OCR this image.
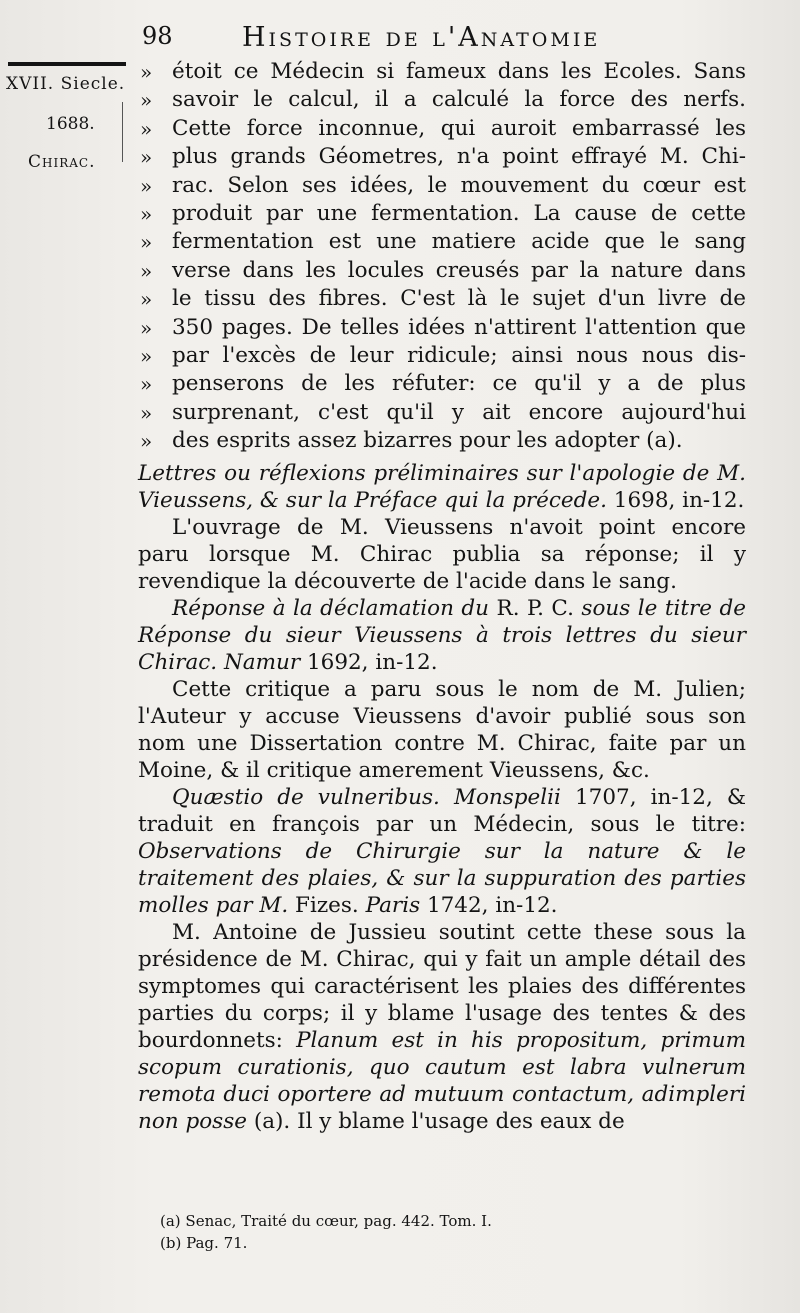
98	Histoire de l'Anatomie
XVII. Siecle.
1688.
Chirac.

» étoit ce Médecin si fameux dans les Ecoles. Sans

» savoir le calcul, il a calculé la force des nerfs.

» Cette force inconnue, qui auroit embarrassé les

» plus grands Géometres, n'a point effrayé M. Chi-

» rac. Selon ses idées, le mouvement du cœur est

» produit par une fermentation. La cause de cette

» fermentation est une matiere acide que le sang

» verse dans les locules creusés par la nature dans

» le tissu des fibres. C'est là le sujet d'un livre de

» 350 pages. De telles idées n'attirent l'attention que

» par l'excès de leur ridicule; ainsi nous nous dis-

» penserons de les réfuter: ce qu'il y a de plus

» surprenant, c'est qu'il y ait encore aujourd'hui

» des esprits assez bizarres pour les adopter (a).

Lettres ou réflexions préliminaires sur l'apologie de M. Vieussens, & sur la Préface qui la précede. 1698, in-12.

L'ouvrage de M. Vieussens n'avoit point encore paru lorsque M. Chirac publia sa réponse; il y revendique la découverte de l'acide dans le sang.

Réponse à la déclamation du R. P. C. sous le titre de Réponse du sieur Vieussens à trois lettres du sieur Chirac. Namur 1692, in-12.

Cette critique a paru sous le nom de M. Julien; l'Auteur y accuse Vieussens d'avoir publié sous son nom une Dissertation contre M. Chirac, faite par un Moine, & il critique amerement Vieussens, &c.

Quæstio de vulneribus. Monspelii 1707, in-12, & traduit en françois par un Médecin, sous le titre: Observations de Chirurgie sur la nature & le traitement des plaies, & sur la suppuration des parties molles par M. Fizes. Paris 1742, in-12.

M. Antoine de Jussieu soutint cette these sous la présidence de M. Chirac, qui y fait un ample détail des symptomes qui caractérisent les plaies des différentes parties du corps; il y blame l'usage des tentes & des bourdonnets: Planum est in his propositum, primum scopum curationis, quo cautum est labra vulnerum remota duci oportere ad mutuum contactum, adimpleri non posse (a). Il y blame l'usage des eaux de

(a) Senac, Traité du cœur, pag. 442. Tom. I.

(b) Pag. 71.
